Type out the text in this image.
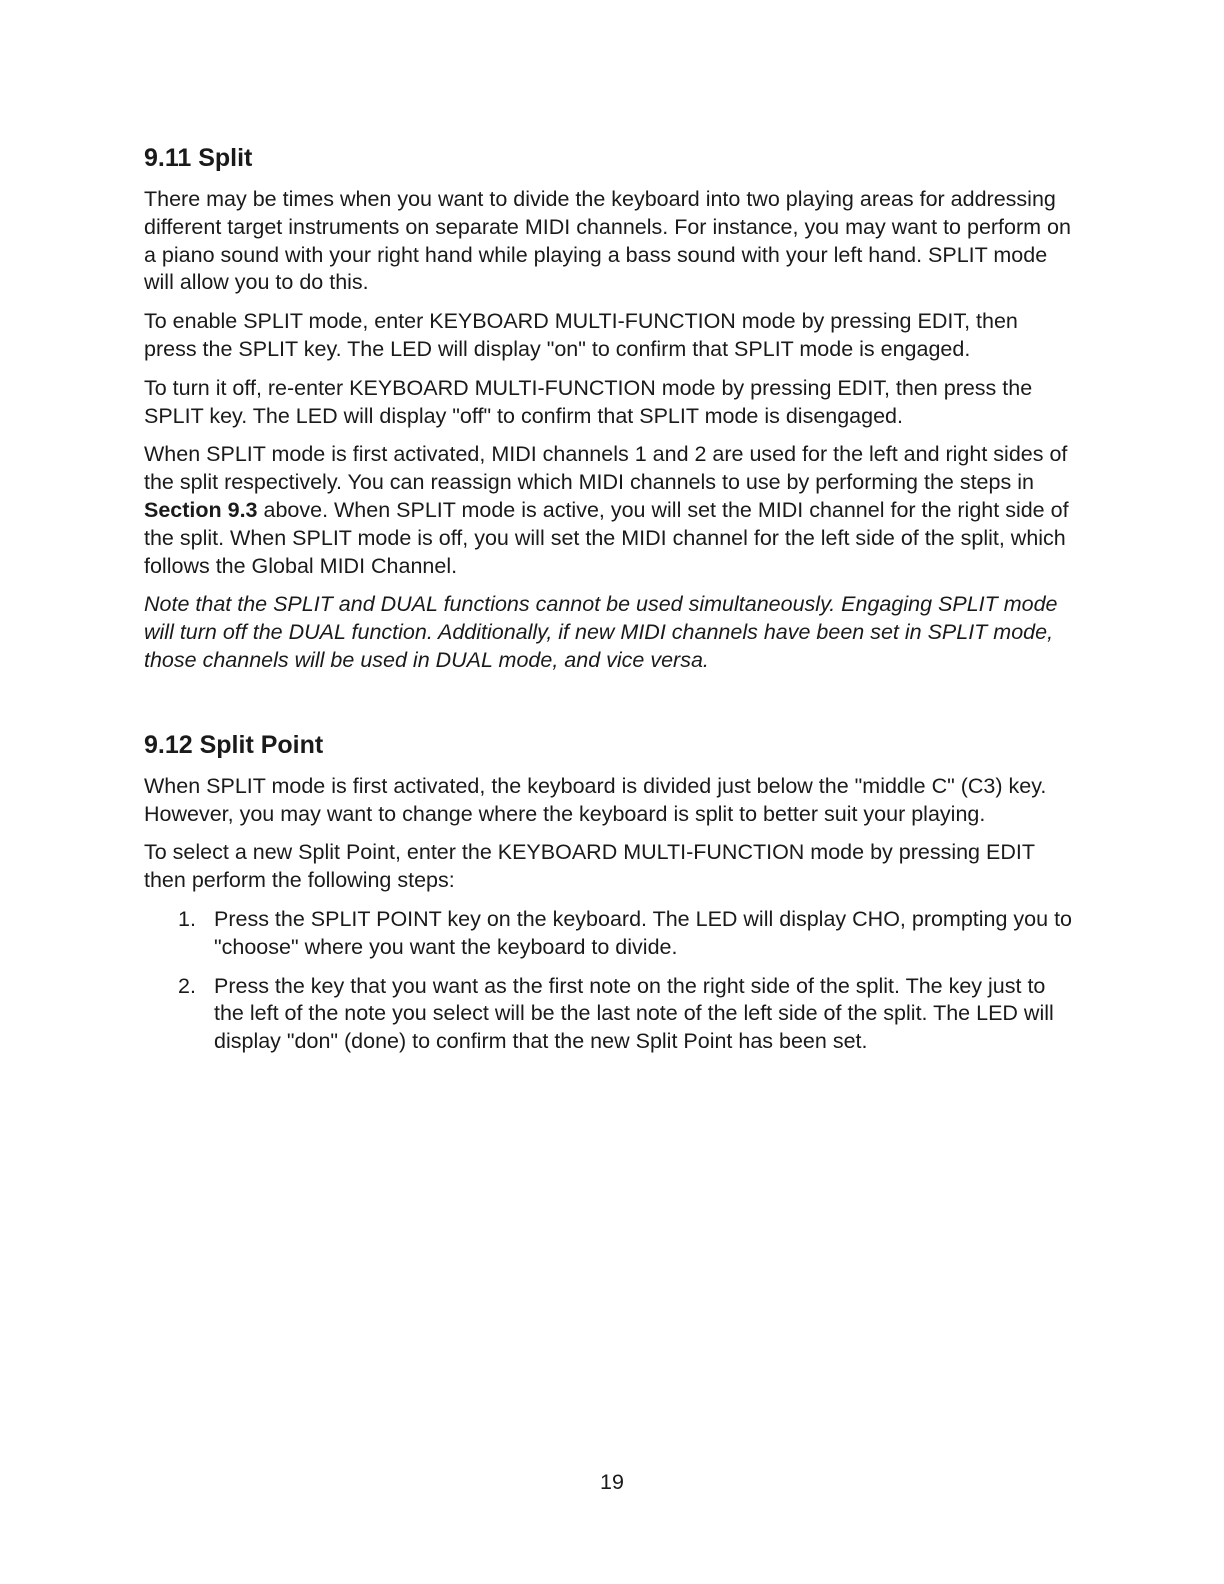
9.11 Split

There may be times when you want to divide the keyboard into two playing areas for addressing different target instruments on separate MIDI channels. For instance, you may want to perform on a piano sound with your right hand while playing a bass sound with your left hand. SPLIT mode will allow you to do this.

To enable SPLIT mode, enter KEYBOARD MULTI-FUNCTION mode by pressing EDIT, then press the SPLIT key. The LED will display "on" to confirm that SPLIT mode is engaged.

To turn it off, re-enter KEYBOARD MULTI-FUNCTION mode by pressing EDIT, then press the SPLIT key. The LED will display "off" to confirm that SPLIT mode is disengaged.

When SPLIT mode is first activated, MIDI channels 1 and 2 are used for the left and right sides of the split respectively. You can reassign which MIDI channels to use by performing the steps in Section 9.3 above. When SPLIT mode is active, you will set the MIDI channel for the right side of the split. When SPLIT mode is off, you will set the MIDI channel for the left side of the split, which follows the Global MIDI Channel.

Note that the SPLIT and DUAL functions cannot be used simultaneously. Engaging SPLIT mode will turn off the DUAL function. Additionally, if new MIDI channels have been set in SPLIT mode, those channels will be used in DUAL mode, and vice versa.

9.12 Split Point

When SPLIT mode is first activated, the keyboard is divided just below the "middle C" (C3) key. However, you may want to change where the keyboard is split to better suit your playing.

To select a new Split Point, enter the KEYBOARD MULTI-FUNCTION mode by pressing EDIT then perform the following steps:

1. Press the SPLIT POINT key on the keyboard. The LED will display CHO, prompting you to "choose" where you want the keyboard to divide.
2. Press the key that you want as the first note on the right side of the split. The key just to the left of the note you select will be the last note of the left side of the split. The LED will display "don" (done) to confirm that the new Split Point has been set.
19
